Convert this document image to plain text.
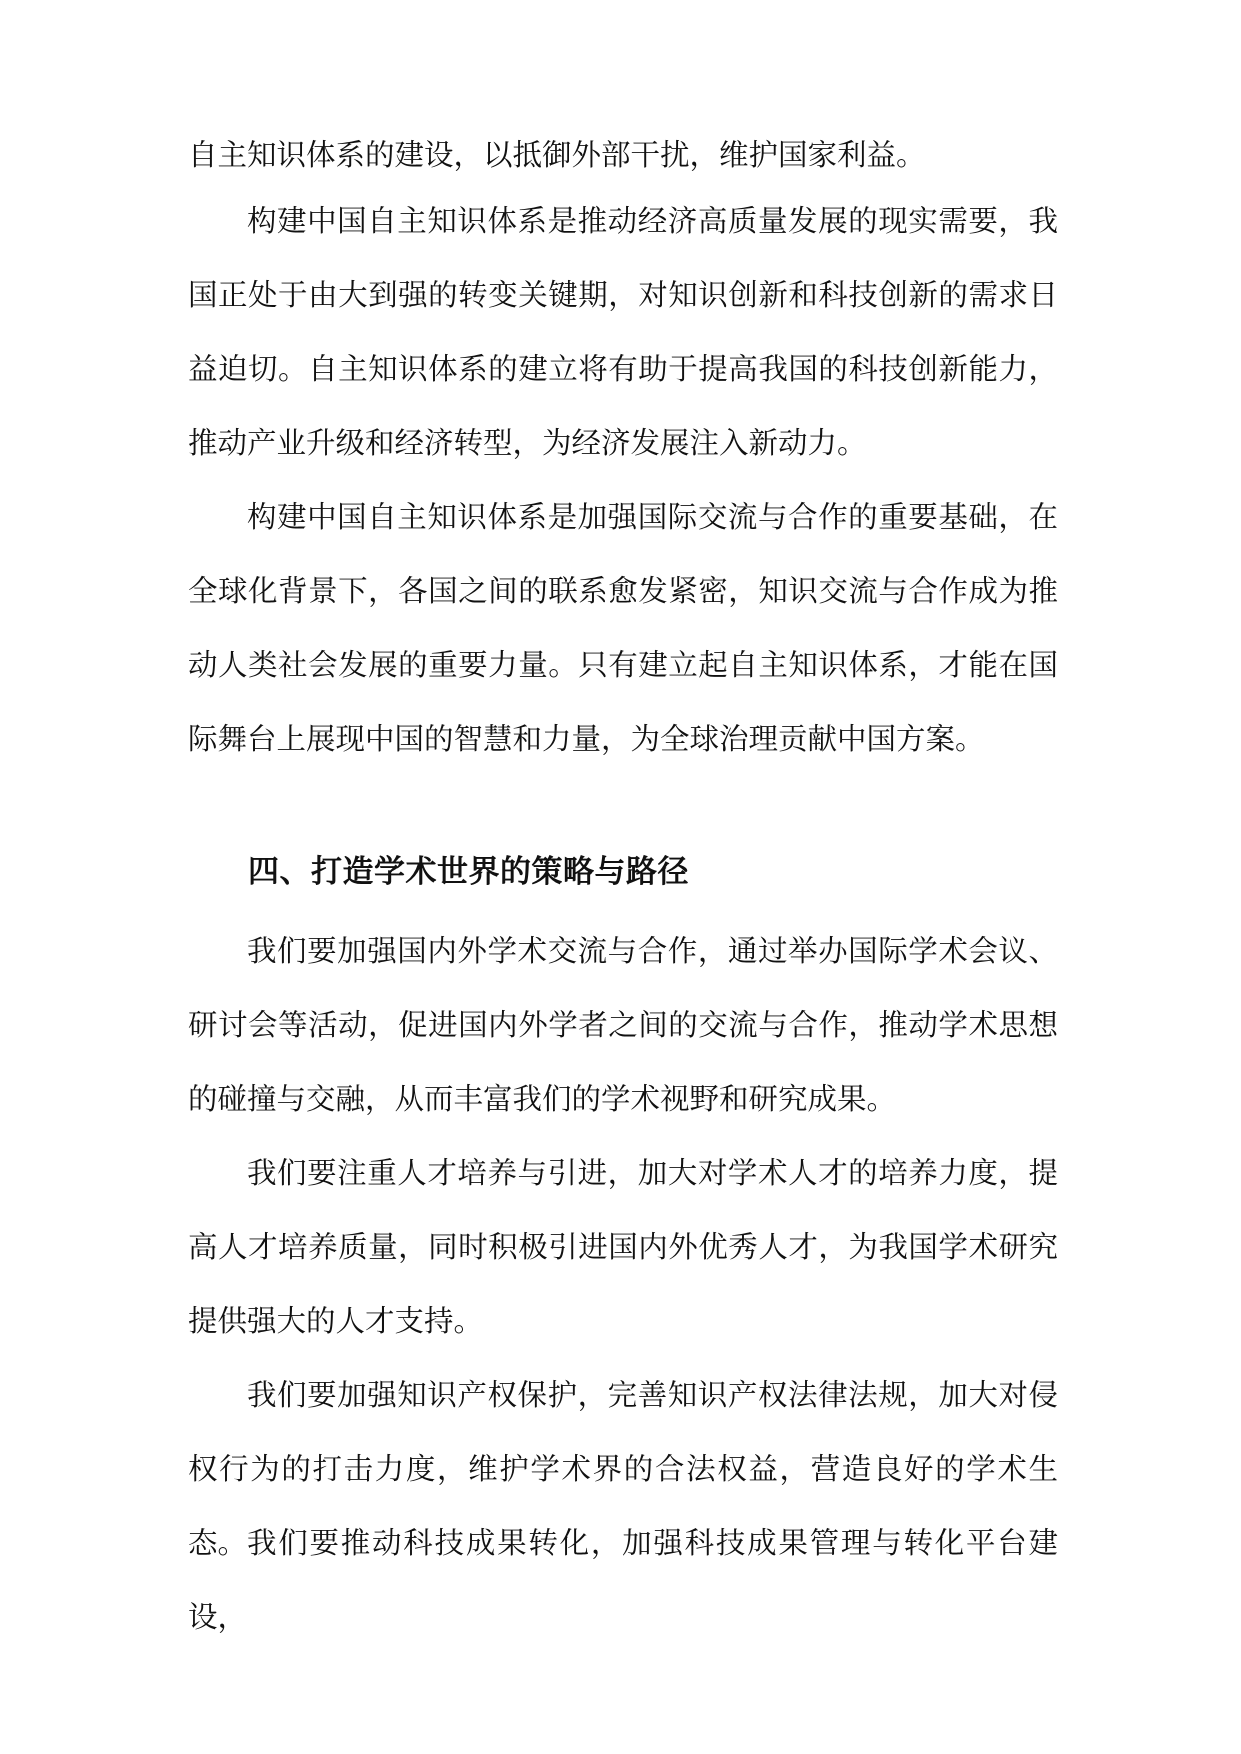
自主知识体系的建设，以抵御外部干扰，维护国家利益。

构建中国自主知识体系是推动经济高质量发展的现实需要，我国正处于由大到强的转变关键期，对知识创新和科技创新的需求日益迫切。自主知识体系的建立将有助于提高我国的科技创新能力，推动产业升级和经济转型，为经济发展注入新动力。

构建中国自主知识体系是加强国际交流与合作的重要基础，在全球化背景下，各国之间的联系愈发紧密，知识交流与合作成为推动人类社会发展的重要力量。只有建立起自主知识体系，才能在国际舞台上展现中国的智慧和力量，为全球治理贡献中国方案。

四、打造学术世界的策略与路径

我们要加强国内外学术交流与合作，通过举办国际学术会议、研讨会等活动，促进国内外学者之间的交流与合作，推动学术思想的碰撞与交融，从而丰富我们的学术视野和研究成果。

我们要注重人才培养与引进，加大对学术人才的培养力度，提高人才培养质量，同时积极引进国内外优秀人才，为我国学术研究提供强大的人才支持。

我们要加强知识产权保护，完善知识产权法律法规，加大对侵权行为的打击力度，维护学术界的合法权益，营造良好的学术生态。 我们要推动科技成果转化，加强科技成果管理与转化平台建设，
